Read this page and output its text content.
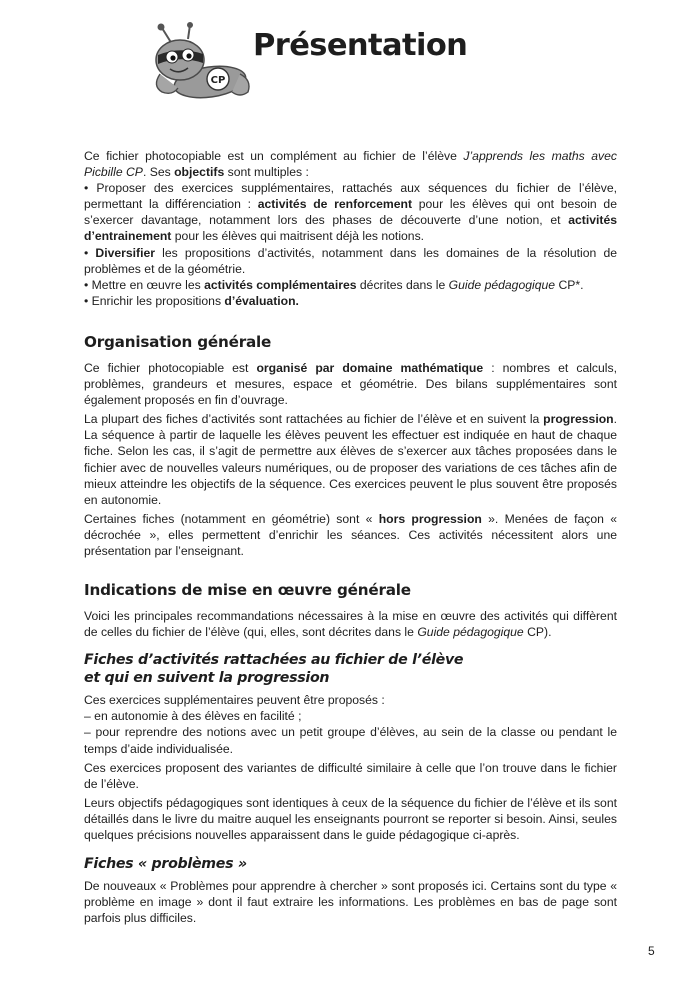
CP
Présentation

Ce fichier photocopiable est un complément au fichier de l’élève J’apprends les maths avec Picbille CP. Ses objectifs sont multiples :

• Proposer des exercices supplémentaires, rattachés aux séquences du fichier de l’élève, permettant la différenciation : activités de renforcement pour les élèves qui ont besoin de s’exercer davantage, notamment lors des phases de découverte d’une notion, et activités d’entrainement pour les élèves qui maitrisent déjà les notions.

• Diversifier les propositions d’activités, notamment dans les domaines de la résolution de problèmes et de la géométrie.

• Mettre en œuvre les activités complémentaires décrites dans le Guide pédagogique CP*.

• Enrichir les propositions d’évaluation.

Organisation générale

Ce fichier photocopiable est organisé par domaine mathématique : nombres et calculs, problèmes, grandeurs et mesures, espace et géométrie. Des bilans supplémentaires sont également proposés en fin d’ouvrage.

La plupart des fiches d’activités sont rattachées au fichier de l’élève et en suivent la progression. La séquence à partir de laquelle les élèves peuvent les effectuer est indiquée en haut de chaque fiche. Selon les cas, il s’agit de permettre aux élèves de s’exercer aux tâches proposées dans le fichier avec de nouvelles valeurs numériques, ou de proposer des variations de ces tâches afin de mieux atteindre les objectifs de la séquence. Ces exercices peuvent le plus souvent être proposés en autonomie.

Certaines fiches (notamment en géométrie) sont « hors progression ». Menées de façon « décrochée », elles permettent d’enrichir les séances. Ces activités nécessitent alors une présentation par l’enseignant.

Indications de mise en œuvre générale

Voici les principales recommandations nécessaires à la mise en œuvre des activités qui diffèrent de celles du fichier de l’élève (qui, elles, sont décrites dans le Guide pédagogique CP).

Fiches d’activités rattachées au fichier de l’élève
et qui en suivent la progression

Ces exercices supplémentaires peuvent être proposés :

– en autonomie à des élèves en facilité ;

– pour reprendre des notions avec un petit groupe d’élèves, au sein de la classe ou pendant le temps d’aide individualisée.

Ces exercices proposent des variantes de difficulté similaire à celle que l’on trouve dans le fichier de l’élève.

Leurs objectifs pédagogiques sont identiques à ceux de la séquence du fichier de l’élève et ils sont détaillés dans le livre du maitre auquel les enseignants pourront se reporter si besoin. Ainsi, seules quelques précisions nouvelles apparaissent dans le guide pédagogique ci-après.

Fiches « problèmes »

De nouveaux « Problèmes pour apprendre à chercher » sont proposés ici. Certains sont du type « problème en image » dont il faut extraire les informations. Les problèmes en bas de page sont parfois plus difficiles.

5
